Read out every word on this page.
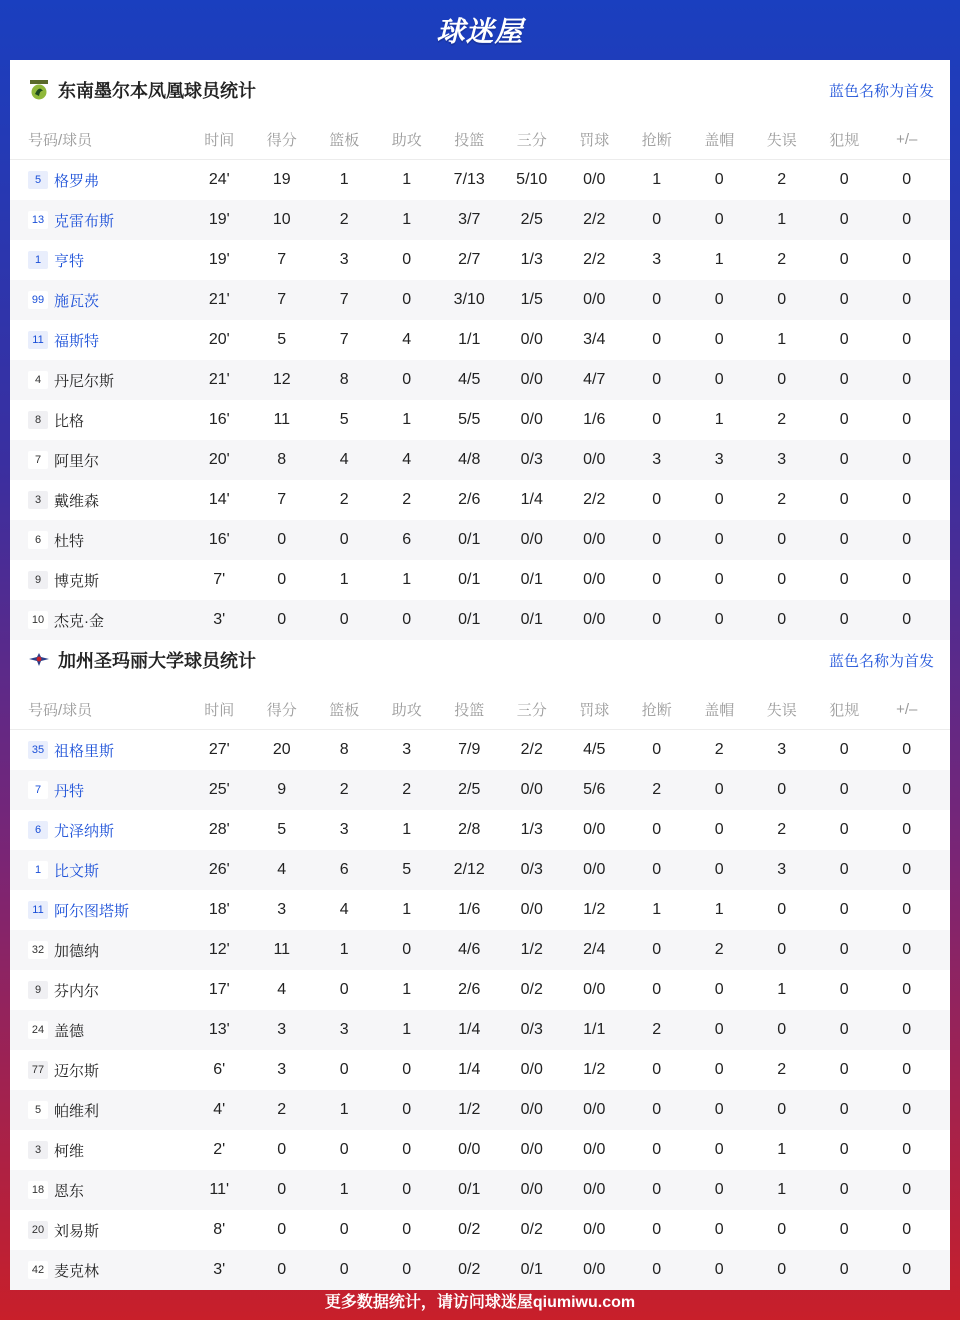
球迷屋
东南墨尔本凤凰球员统计	蓝色名称为首发
号码/球员	时间	得分	篮板	助攻	投篮	三分	罚球	抢断	盖帽	失误	犯规	+/–
5 格罗弗	24'	19	1	1	7/13	5/10	0/0	1	0	2	0	0
13 克雷布斯	19'	10	2	1	3/7	2/5	2/2	0	0	1	0	0
1 亨特	19'	7	3	0	2/7	1/3	2/2	3	1	2	0	0
99 施瓦茨	21'	7	7	0	3/10	1/5	0/0	0	0	0	0	0
11 福斯特	20'	5	7	4	1/1	0/0	3/4	0	0	1	0	0
4 丹尼尔斯	21'	12	8	0	4/5	0/0	4/7	0	0	0	0	0
8 比格	16'	11	5	1	5/5	0/0	1/6	0	1	2	0	0
7 阿里尔	20'	8	4	4	4/8	0/3	0/0	3	3	3	0	0
3 戴维森	14'	7	2	2	2/6	1/4	2/2	0	0	2	0	0
6 杜特	16'	0	0	6	0/1	0/0	0/0	0	0	0	0	0
9 博克斯	7'	0	1	1	0/1	0/1	0/0	0	0	0	0	0
10 杰克·金	3'	0	0	0	0/1	0/1	0/0	0	0	0	0	0
加州圣玛丽大学球员统计	蓝色名称为首发
号码/球员	时间	得分	篮板	助攻	投篮	三分	罚球	抢断	盖帽	失误	犯规	+/–
35 祖格里斯	27'	20	8	3	7/9	2/2	4/5	0	2	3	0	0
7 丹特	25'	9	2	2	2/5	0/0	5/6	2	0	0	0	0
6 尤泽纳斯	28'	5	3	1	2/8	1/3	0/0	0	0	2	0	0
1 比文斯	26'	4	6	5	2/12	0/3	0/0	0	0	3	0	0
11 阿尔图塔斯	18'	3	4	1	1/6	0/0	1/2	1	1	0	0	0
32 加德纳	12'	11	1	0	4/6	1/2	2/4	0	2	0	0	0
9 芬内尔	17'	4	0	1	2/6	0/2	0/0	0	0	1	0	0
24 盖德	13'	3	3	1	1/4	0/3	1/1	2	0	0	0	0
77 迈尔斯	6'	3	0	0	1/4	0/0	1/2	0	0	2	0	0
5 帕维利	4'	2	1	0	1/2	0/0	0/0	0	0	0	0	0
3 柯维	2'	0	0	0	0/0	0/0	0/0	0	0	1	0	0
18 恩东	11'	0	1	0	0/1	0/0	0/0	0	0	1	0	0
20 刘易斯	8'	0	0	0	0/2	0/2	0/0	0	0	0	0	0
42 麦克林	3'	0	0	0	0/2	0/1	0/0	0	0	0	0	0
更多数据统计，请访问球迷屋qiumiwu.com
